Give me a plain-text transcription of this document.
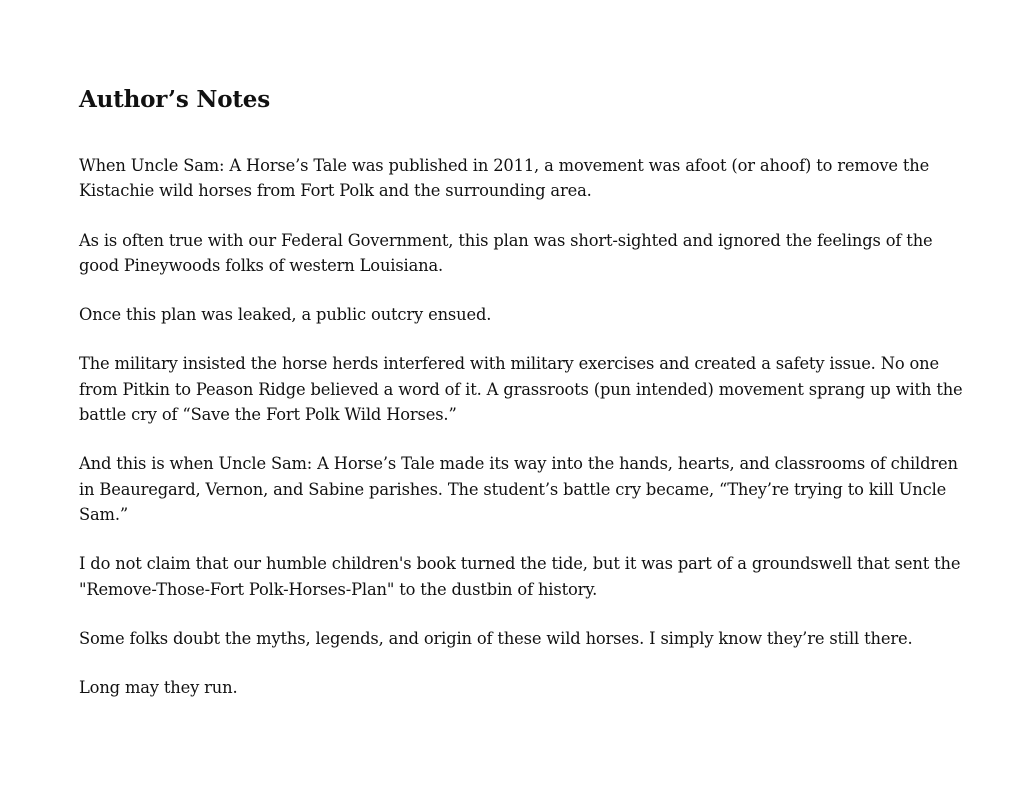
Author’s Notes

When Uncle Sam: A Horse’s Tale was published in 2011, a movement was afoot (or ahoof) to remove the Kistachie wild horses from Fort Polk and the surrounding area.

As is often true with our Federal Government, this plan was short-sighted and ignored the feelings of the good Pineywoods folks of western Louisiana.

Once this plan was leaked, a public outcry ensued.

The military insisted the horse herds interfered with military exercises and created a safety issue. No one from Pitkin to Peason Ridge believed a word of it. A grassroots (pun intended) movement sprang up with the battle cry of “Save the Fort Polk Wild Horses.”

And this is when Uncle Sam: A Horse’s Tale made its way into the hands, hearts, and classrooms of children in Beauregard, Vernon, and Sabine parishes. The student’s battle cry became, “They’re trying to kill Uncle Sam.”

I do not claim that our humble children's book turned the tide, but it was part of a groundswell that sent the "Remove-Those-Fort Polk-Horses-Plan" to the dustbin of history.

Some folks doubt the myths, legends, and origin of these wild horses. I simply know they’re still there.

Long may they run.
